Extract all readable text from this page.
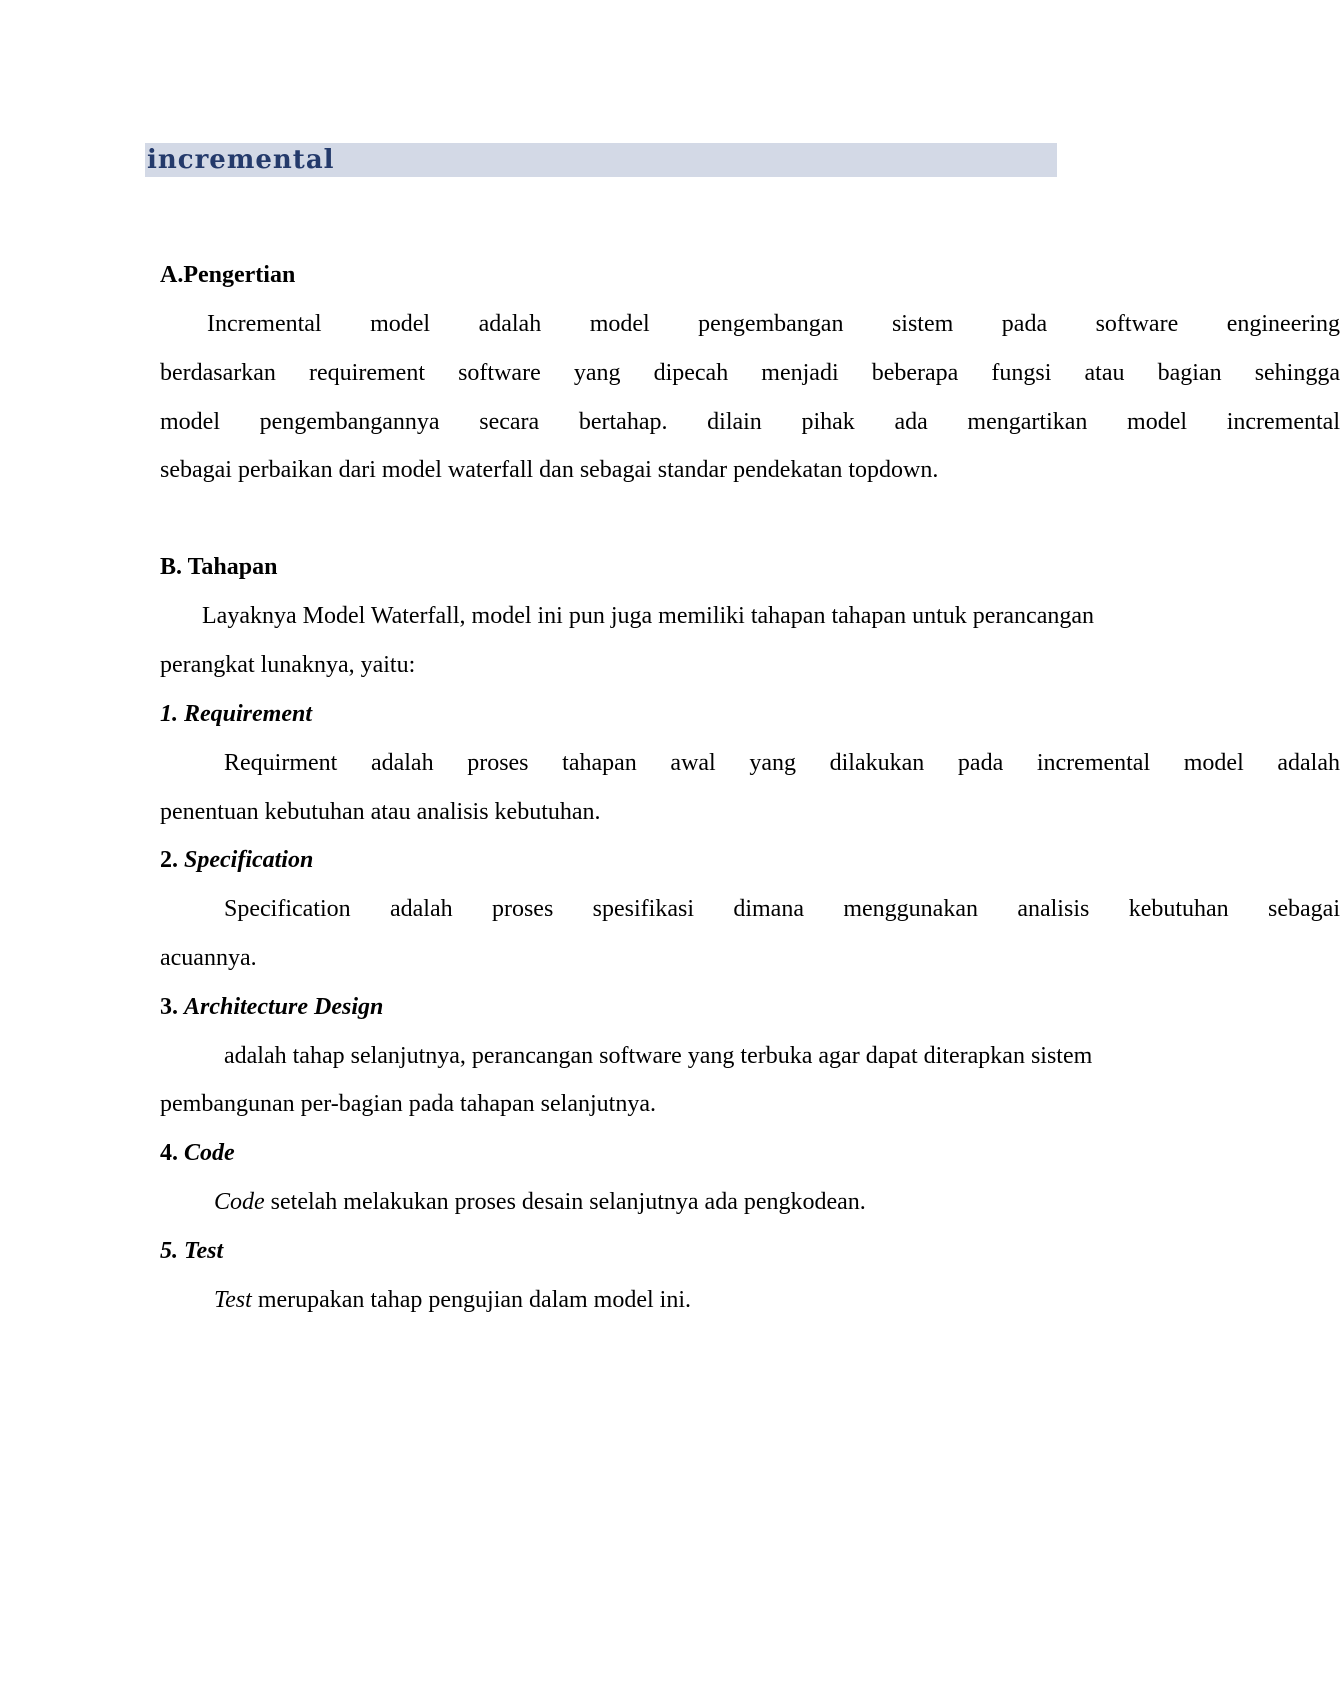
incremental
A.Pengertian
Incremental model adalah model pengembangan sistem pada software engineering
berdasarkan requirement software yang dipecah menjadi beberapa fungsi atau bagian sehingga
model pengembangannya secara bertahap. dilain pihak ada mengartikan model incremental
sebagai perbaikan dari model waterfall dan sebagai standar pendekatan topdown.
B. Tahapan
Layaknya Model Waterfall, model ini pun juga memiliki tahapan tahapan untuk perancangan
perangkat lunaknya, yaitu:
1. Requirement
Requirment adalah proses tahapan awal yang dilakukan pada incremental model adalah
penentuan kebutuhan atau analisis kebutuhan.
2. Specification
Specification adalah proses spesifikasi dimana menggunakan analisis kebutuhan sebagai
acuannya.
3. Architecture Design
adalah tahap selanjutnya, perancangan software yang terbuka agar dapat diterapkan sistem
pembangunan per-bagian pada tahapan selanjutnya.
4. Code
Code setelah melakukan proses desain selanjutnya ada pengkodean.
5. Test
Test merupakan tahap pengujian dalam model ini.
